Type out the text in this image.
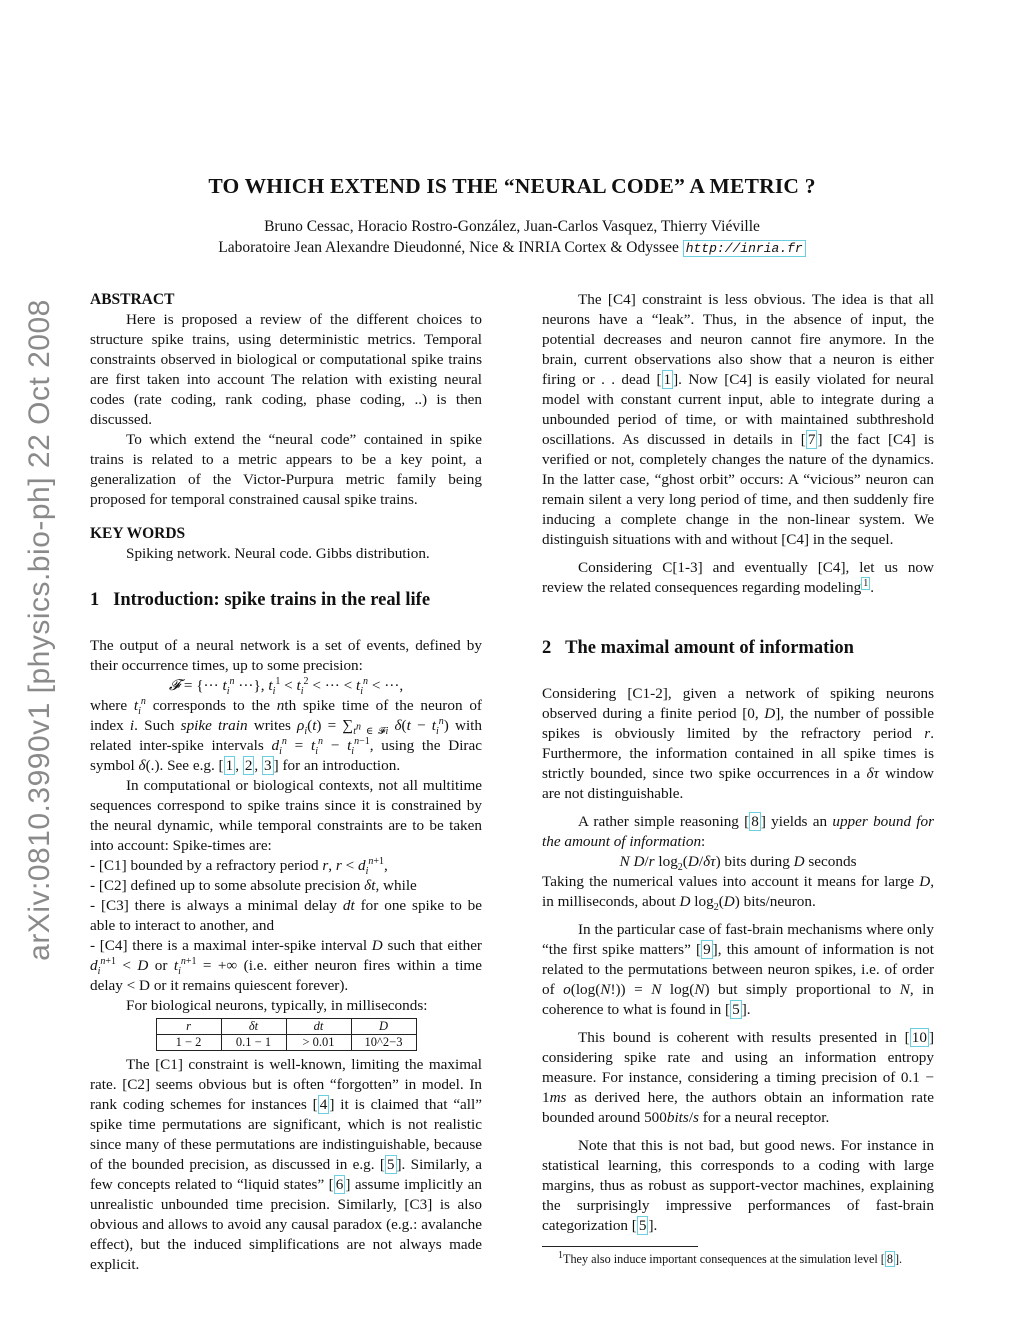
arXiv:0810.3990v1 [physics.bio-ph] 22 Oct 2008
TO WHICH EXTEND IS THE “NEURAL CODE” A METRIC ?
Bruno Cessac, Horacio Rostro-González, Juan-Carlos Vasquez, Thierry Viéville
Laboratoire Jean Alexandre Dieudonné, Nice & INRIA Cortex & Odyssee http://inria.fr

ABSTRACT

Here is proposed a review of the different choices to structure spike trains, using deterministic metrics. Temporal constraints observed in biological or computational spike trains are first taken into account The relation with existing neural codes (rate coding, rank coding, phase coding, ..) is then discussed.

To which extend the “neural code” contained in spike trains is related to a metric appears to be a key point, a generalization of the Victor-Purpura metric family being proposed for temporal constrained causal spike trains.

KEY WORDS

Spiking network. Neural code. Gibbs distribution.

1 Introduction: spike trains in the real life

The output of a neural network is a set of events, defined by their occurrence times, up to some precision:

𝓕 = {··· $t_i^n$ ···}, $t_i^1 < t_i^2$ < ··· < $t_i^n$ < ···,

where $t_i^n$ corresponds to the nth spike time of the neuron of index i. Such spike train writes $\rho_i(t) = \sum_{t^n \in 𝓕i}$ $\delta(t - t_i^n)$ with related inter-spike intervals $d_i^n = t_i^n - t_i^{n-1}$, using the Dirac symbol δ(.). See e.g. [ 1 , 2 , 3 ] for an introduction.

In computational or biological contexts, not all multitime sequences correspond to spike trains since it is constrained by the neural dynamic, while temporal constraints are to be taken into account: Spike-times are:

- [C1] bounded by a refractory period r, $r < d_i^{n+1}$,

- [C2] defined up to some absolute precision δt, while

- [C3] there is always a minimal delay dt for one spike to be able to interact to another, and

- [C4] there is a maximal inter-spike interval D such that either $d_i^{n+1} < D$ or $t_i^{n+1}$ = +∞ (i.e. either neuron fires within a time delay < D or it remains quiescent forever).

For biological neurons, typically, in milliseconds:

r	δt	dt	D
1 − 2	0.1 − 1	> 0.01	10^2−3

The [C1] constraint is well-known, limiting the maximal rate. [C2] seems obvious but is often “forgotten” in model. In rank coding schemes for instances [ 4 ] it is claimed that “all” spike time permutations are significant, which is not realistic since many of these permutations are indistinguishable, because of the bounded precision, as discussed in e.g. [ 5 ]. Similarly, a few concepts related to “liquid states” [ 6 ] assume implicitly an unrealistic unbounded time precision. Similarly, [C3] is also obvious and allows to avoid any causal paradox (e.g.: avalanche effect), but the induced simplifications are not always made explicit.

The [C4] constraint is less obvious. The idea is that all neurons have a “leak”. Thus, in the absence of input, the potential decreases and neuron cannot fire anymore. In the brain, current observations also show that a neuron is either firing or . . dead [ 1 ]. Now [C4] is easily violated for neural model with constant current input, able to integrate during a unbounded period of time, or with maintained subthreshold oscillations. As discussed in details in [ 7 ] the fact [C4] is verified or not, completely changes the nature of the dynamics. In the latter case, “ghost orbit” occurs: A “vicious” neuron can remain silent a very long period of time, and then suddenly fire inducing a complete change in the non-linear system. We distinguish situations with and without [C4] in the sequel.

Considering C[1-3] and eventually [C4], let us now review the related consequences regarding modeling $^1$ .

2 The maximal amount of information

Considering [C1-2], given a network of spiking neurons observed during a finite period [0, D], the number of possible spikes is obviously limited by the refractory period r. Furthermore, the information contained in all spike times is strictly bounded, since two spike occurrences in a δτ window are not distinguishable.

A rather simple reasoning [ 8 ] yields an upper bound for the amount of information:

N D/r $\log_2(D/\delta\tau)$ bits during D seconds

Taking the numerical values into account it means for large D, in milliseconds, about D $\log_2(D)$ bits/neuron.

In the particular case of fast-brain mechanisms where only “the first spike matters” [ 9 ], this amount of information is not related to the permutations between neuron spikes, i.e. of order of o(log(N!)) = N log(N) but simply proportional to N, in coherence to what is found in [ 5 ].

This bound is coherent with results presented in [ 10 ] considering spike rate and using an information entropy measure. For instance, considering a timing precision of 0.1 − 1ms as derived here, the authors obtain an information rate bounded around 500bits/s for a neural receptor.

Note that this is not bad, but good news. For instance in statistical learning, this corresponds to a coding with large margins, thus as robust as support-vector machines, explaining the surprisingly impressive performances of fast-brain categorization [ 5 ].

$^1$They also induce important consequences at the simulation level [ 8 ].
